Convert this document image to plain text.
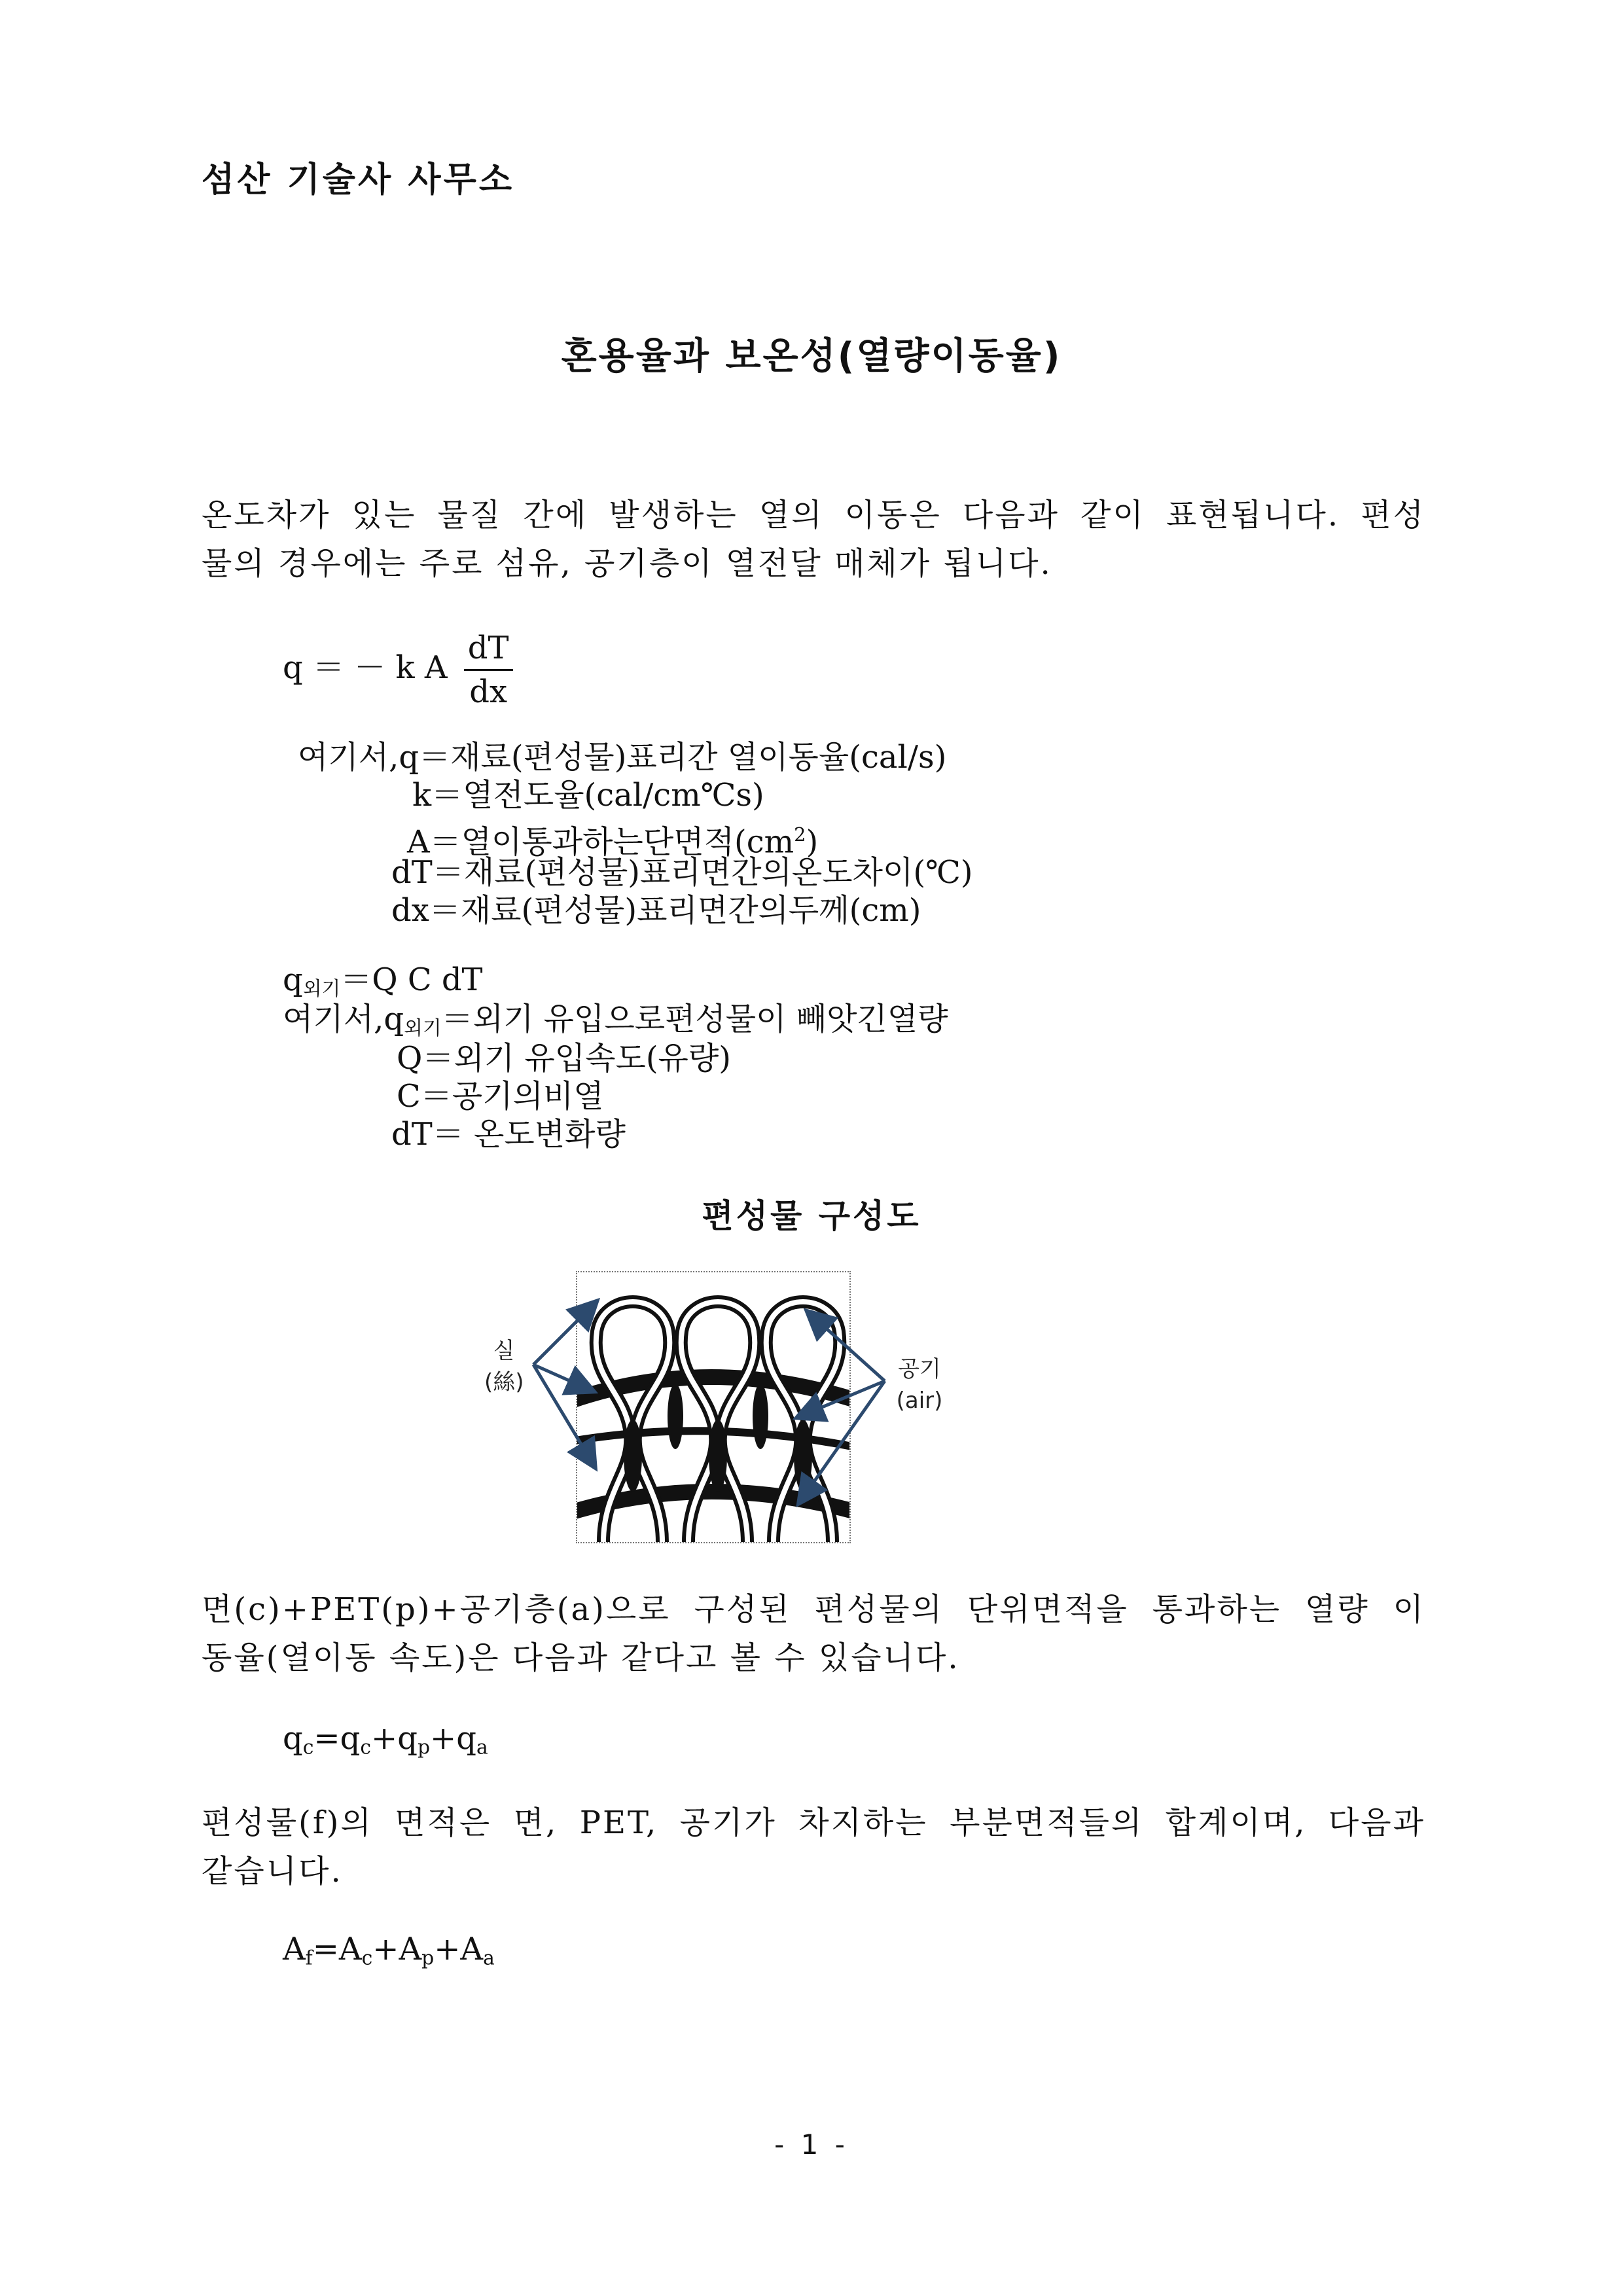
섬산 기술사 사무소
혼용율과 보온성(열량이동율)
온도차가 있는 물질 간에 발생하는 열의 이동은 다음과 같이 표현됩니다. 편성
물의 경우에는 주로 섬유, 공기층이 열전달 매체가 됩니다.
q ＝ － k A $\frac{dT}{dx}$
여기서,q＝재료(편성물)표리간 열이동율(cal/s)
k＝열전도율(cal/cm℃s)
A＝열이통과하는단면적$(cm^2)$
dT＝재료(편성물)표리면간의온도차이(℃)
dx＝재료(편성물)표리면간의두께(cm)
$q_{외기}=Q$ C dT
여기서$,q_{외기}=$외기 유입으로편성물이 빼앗긴열량
Q＝외기 유입속도(유량)
C＝공기의비열
dT＝ 온도변화량
편성물 구성도
실
(絲)	공기
(air)
면(c)+PET(p)+공기층(a)으로 구성된 편성물의 단위면적을 통과하는 열량 이
동율(열이동 속도)은 다음과 같다고 볼 수 있습니다.
$q_c=q_c+q_p+q_a$
편성물(f)의 면적은 면, PET, 공기가 차지하는 부분면적들의 합계이며, 다음과
같습니다.
$A_f=A_c+A_p+A_a$
- 1 -
